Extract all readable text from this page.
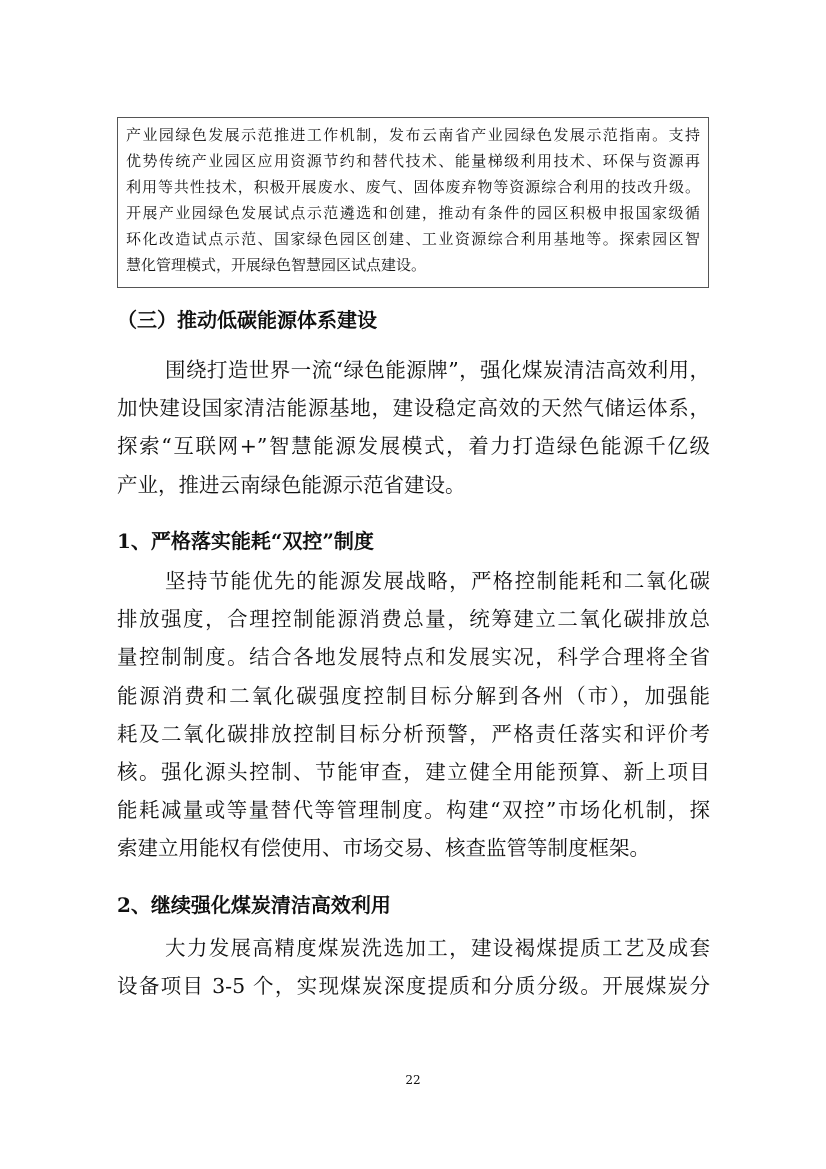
产业园绿色发展示范推进工作机制，发布云南省产业园绿色发展示范指南。支持
优势传统产业园区应用资源节约和替代技术、能量梯级利用技术、环保与资源再
利用等共性技术，积极开展废水、废气、固体废弃物等资源综合利用的技改升级。
开展产业园绿色发展试点示范遴选和创建，推动有条件的园区积极申报国家级循
环化改造试点示范、国家绿色园区创建、工业资源综合利用基地等。探索园区智
慧化管理模式，开展绿色智慧园区试点建设。
（三）推动低碳能源体系建设
围绕打造世界一流“绿色能源牌”，强化煤炭清洁高效利用，
加快建设国家清洁能源基地，建设稳定高效的天然气储运体系，
探索“互联网+”智慧能源发展模式，着力打造绿色能源千亿级
产业，推进云南绿色能源示范省建设。
1、严格落实能耗“双控”制度
坚持节能优先的能源发展战略，严格控制能耗和二氧化碳
排放强度，合理控制能源消费总量，统筹建立二氧化碳排放总
量控制制度。结合各地发展特点和发展实况，科学合理将全省
能源消费和二氧化碳强度控制目标分解到各州（市），加强能
耗及二氧化碳排放控制目标分析预警，严格责任落实和评价考
核。强化源头控制、节能审查，建立健全用能预算、新上项目
能耗减量或等量替代等管理制度。构建“双控”市场化机制，探
索建立用能权有偿使用、市场交易、核查监管等制度框架。
2、继续强化煤炭清洁高效利用
大力发展高精度煤炭洗选加工，建设褐煤提质工艺及成套
设备项目 3-5 个，实现煤炭深度提质和分质分级。开展煤炭分
22
